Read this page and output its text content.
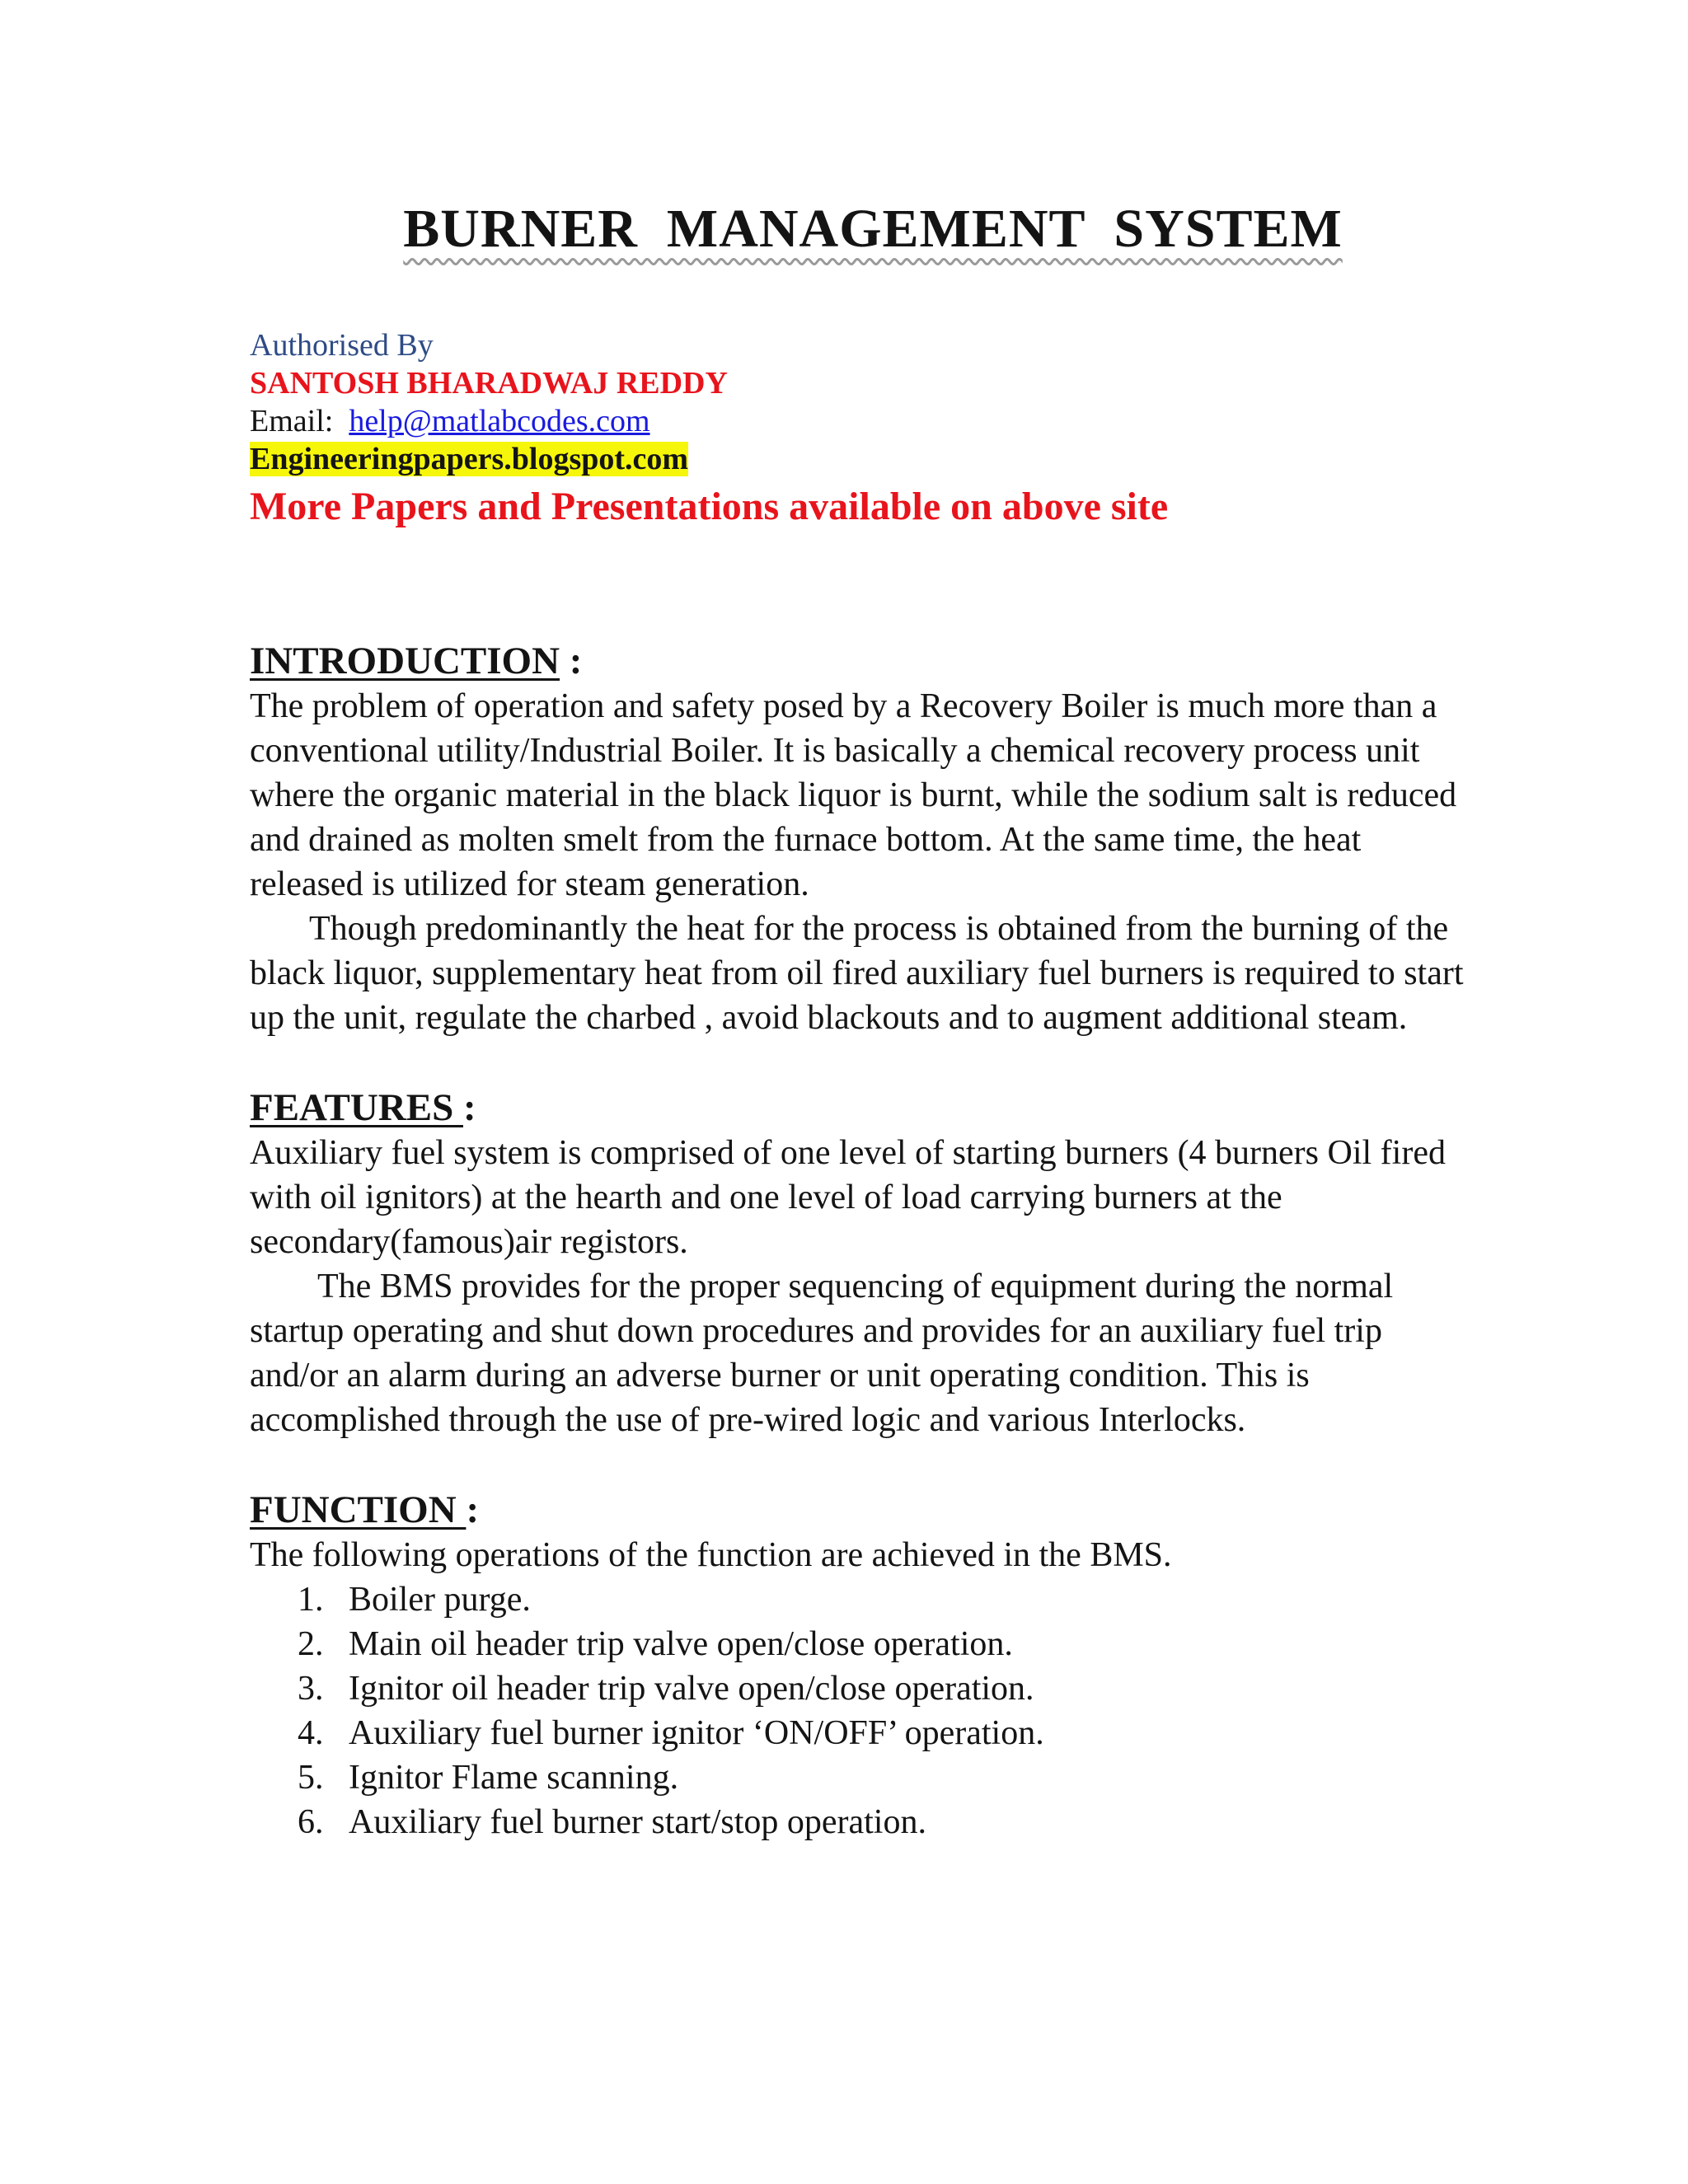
BURNER  MANAGEMENT  SYSTEM
Authorised By
SANTOSH BHARADWAJ REDDY
Email:  help@matlabcodes.com
Engineeringpapers.blogspot.com
More Papers and Presentations available on above site
INTRODUCTION :
The problem of operation and safety posed by a Recovery Boiler is much more than a conventional utility/Industrial Boiler. It is basically a chemical recovery process unit where the organic material in the black liquor is burnt, while the sodium salt is reduced and drained as molten smelt from the furnace bottom. At the same time, the heat released is utilized for steam generation.
Though predominantly the heat for the process is obtained from the burning of the black liquor, supplementary heat from oil fired auxiliary fuel burners is required to start up the unit, regulate the charbed , avoid blackouts and to augment additional steam.
FEATURES :
Auxiliary fuel system is comprised of one level of starting burners (4 burners Oil fired with oil ignitors) at the hearth and one level of load carrying burners at the secondary(famous)air registors.
The BMS provides for the proper sequencing of equipment during the normal startup operating and shut down procedures and provides for an auxiliary fuel trip and/or an alarm during an adverse burner or unit operating condition. This is accomplished through the use of pre-wired logic and various Interlocks.
FUNCTION :
The following operations of the function are achieved in the BMS.
1. Boiler purge.
2. Main oil header trip valve open/close operation.
3. Ignitor oil header trip valve open/close operation.
4. Auxiliary fuel burner ignitor ‘ON/OFF’ operation.
5. Ignitor Flame scanning.
6. Auxiliary fuel burner start/stop operation.
